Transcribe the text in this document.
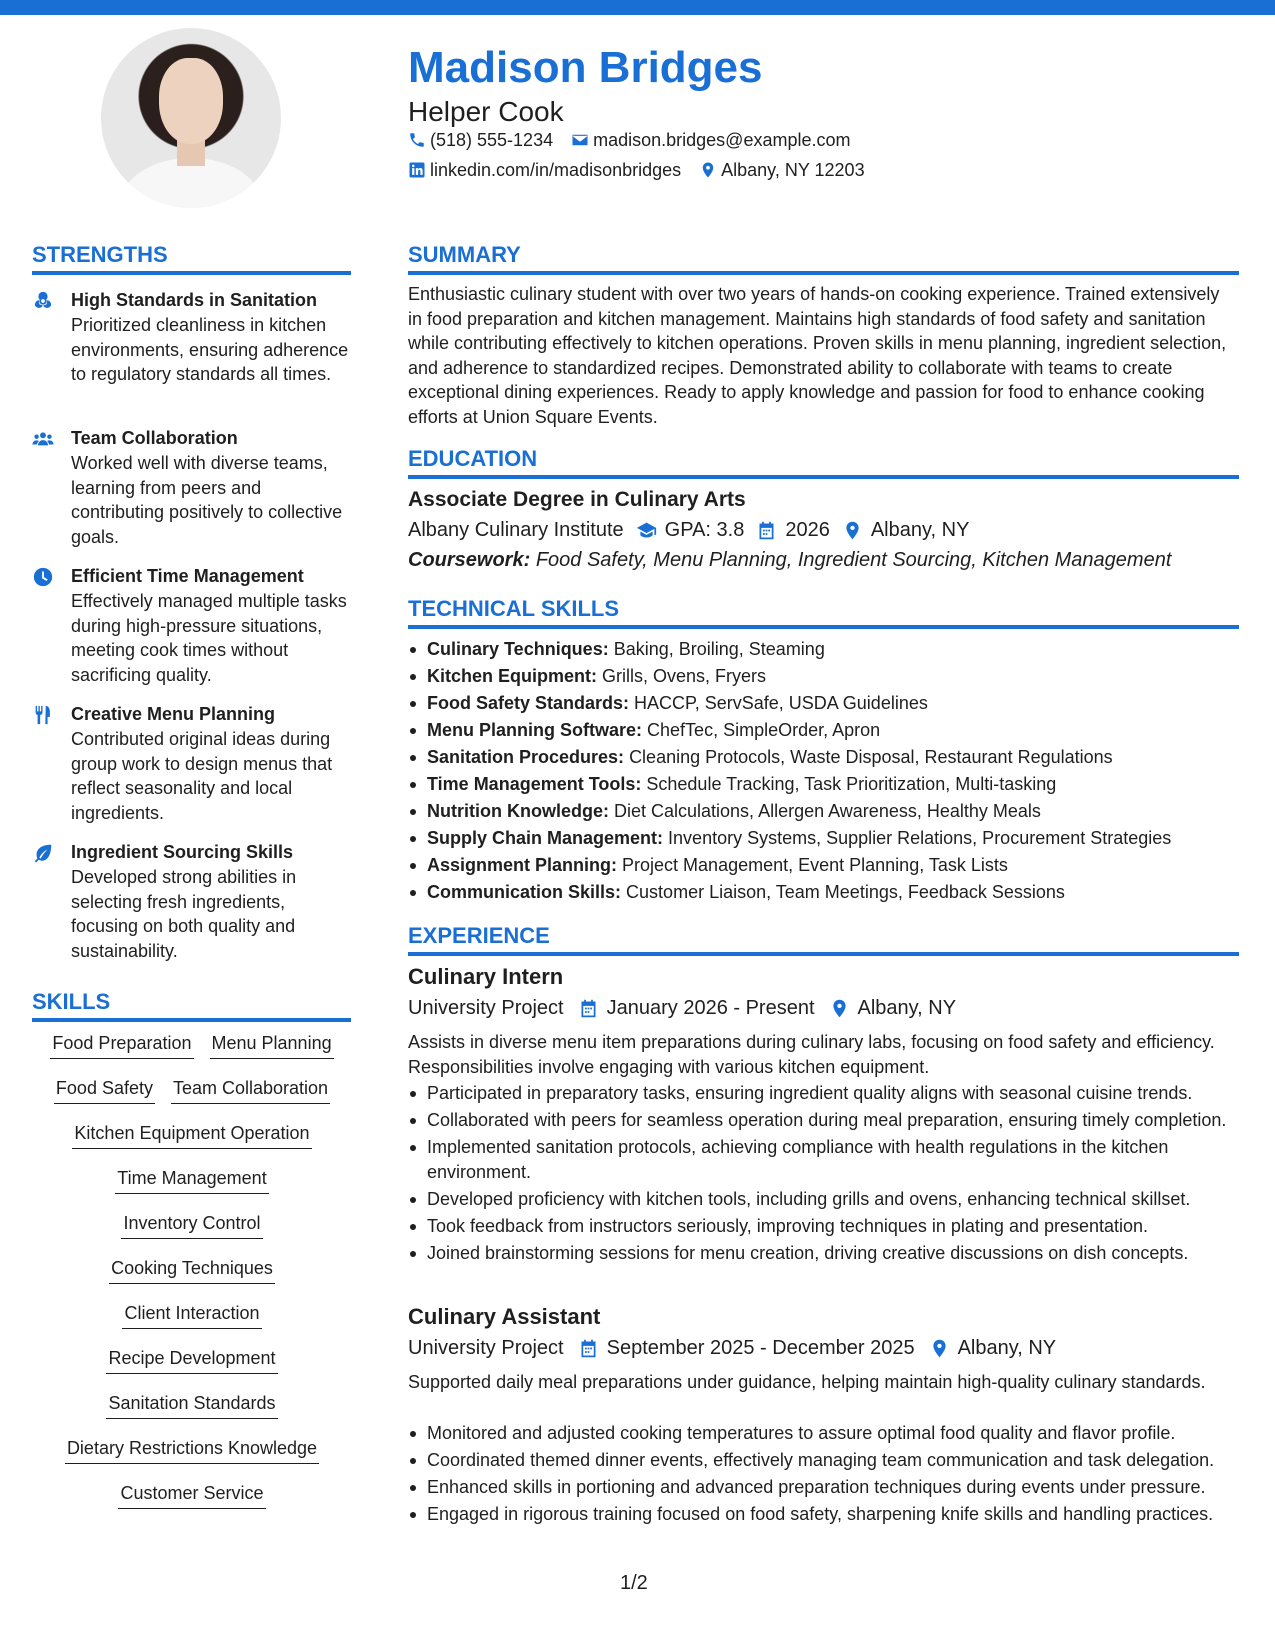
Madison Bridges
Helper Cook
(518) 555-1234 madison.bridges@example.com
linkedin.com/in/madisonbridges Albany, NY 12203
STRENGTHS
High Standards in Sanitation
Prioritized cleanliness in kitchen environments, ensuring adherence to regulatory standards all times.
Team Collaboration
Worked well with diverse teams, learning from peers and contributing positively to collective goals.
Efficient Time Management
Effectively managed multiple tasks during high-pressure situations, meeting cook times without sacrificing quality.
Creative Menu Planning
Contributed original ideas during group work to design menus that reflect seasonality and local ingredients.
Ingredient Sourcing Skills
Developed strong abilities in selecting fresh ingredients, focusing on both quality and sustainability.
SKILLS
Food Preparation Menu Planning
Food Safety Team Collaboration
Kitchen Equipment Operation
Time Management
Inventory Control
Cooking Techniques
Client Interaction
Recipe Development
Sanitation Standards
Dietary Restrictions Knowledge
Customer Service
SUMMARY
Enthusiastic culinary student with over two years of hands-on cooking experience. Trained extensively in food preparation and kitchen management. Maintains high standards of food safety and sanitation while contributing effectively to kitchen operations. Proven skills in menu planning, ingredient selection, and adherence to standardized recipes. Demonstrated ability to collaborate with teams to create exceptional dining experiences. Ready to apply knowledge and passion for food to enhance cooking efforts at Union Square Events.
EDUCATION
Associate Degree in Culinary Arts
Albany Culinary Institute GPA: 3.8 2026 Albany, NY
Coursework: Food Safety, Menu Planning, Ingredient Sourcing, Kitchen Management
TECHNICAL SKILLS
Culinary Techniques: Baking, Broiling, Steaming
Kitchen Equipment: Grills, Ovens, Fryers
Food Safety Standards: HACCP, ServSafe, USDA Guidelines
Menu Planning Software: ChefTec, SimpleOrder, Apron
Sanitation Procedures: Cleaning Protocols, Waste Disposal, Restaurant Regulations
Time Management Tools: Schedule Tracking, Task Prioritization, Multi-tasking
Nutrition Knowledge: Diet Calculations, Allergen Awareness, Healthy Meals
Supply Chain Management: Inventory Systems, Supplier Relations, Procurement Strategies
Assignment Planning: Project Management, Event Planning, Task Lists
Communication Skills: Customer Liaison, Team Meetings, Feedback Sessions
EXPERIENCE
Culinary Intern
University Project January 2026 - Present Albany, NY
Assists in diverse menu item preparations during culinary labs, focusing on food safety and efficiency. Responsibilities involve engaging with various kitchen equipment.
Participated in preparatory tasks, ensuring ingredient quality aligns with seasonal cuisine trends.
Collaborated with peers for seamless operation during meal preparation, ensuring timely completion.
Implemented sanitation protocols, achieving compliance with health regulations in the kitchen environment.
Developed proficiency with kitchen tools, including grills and ovens, enhancing technical skillset.
Took feedback from instructors seriously, improving techniques in plating and presentation.
Joined brainstorming sessions for menu creation, driving creative discussions on dish concepts.
Culinary Assistant
University Project September 2025 - December 2025 Albany, NY
Supported daily meal preparations under guidance, helping maintain high-quality culinary standards.
Monitored and adjusted cooking temperatures to assure optimal food quality and flavor profile.
Coordinated themed dinner events, effectively managing team communication and task delegation.
Enhanced skills in portioning and advanced preparation techniques during events under pressure.
Engaged in rigorous training focused on food safety, sharpening knife skills and handling practices.
1/2
